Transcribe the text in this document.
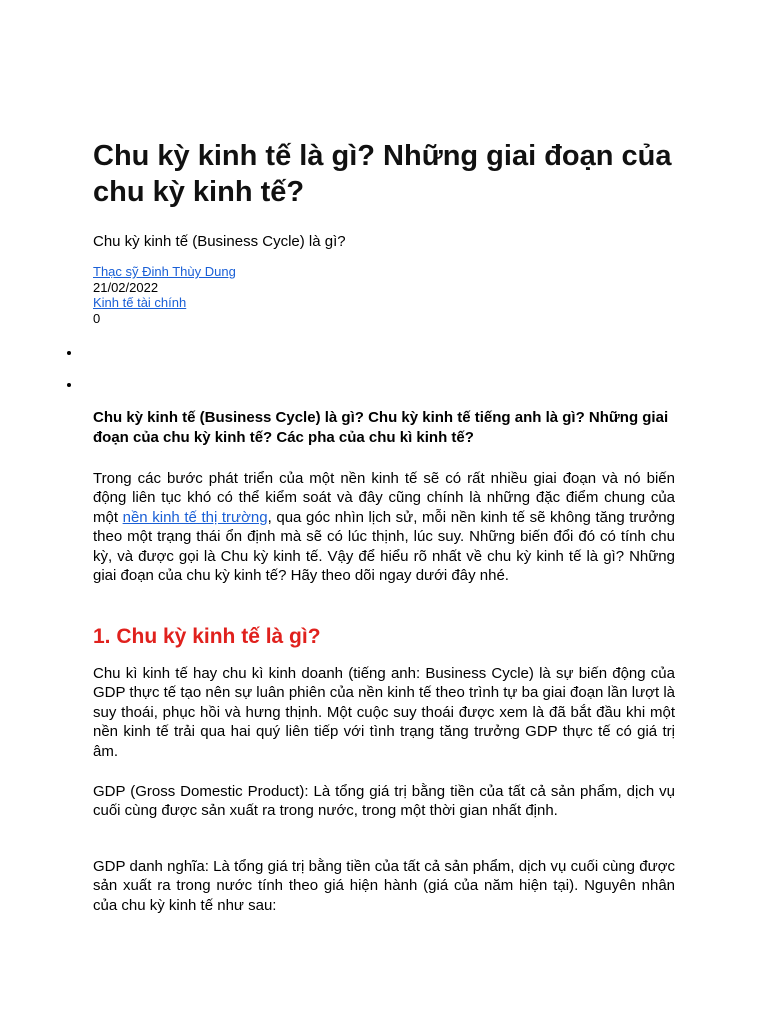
Chu kỳ kinh tế là gì? Những giai đoạn của chu kỳ kinh tế?

Chu kỳ kinh tế (Business Cycle) là gì?

Thạc sỹ Đinh Thùy Dung
21/02/2022
Kinh tế tài chính
0

Chu kỳ kinh tế (Business Cycle) là gì? Chu kỳ kinh tế tiếng anh là gì? Những giai đoạn của chu kỳ kinh tế? Các pha của chu kì kinh tế?

Trong các bước phát triển của một nền kinh tế sẽ có rất nhiều giai đoạn và nó biến động liên tục khó có thể kiểm soát và đây cũng chính là những đặc điểm chung của một nền kinh tế thị trường, qua góc nhìn lịch sử, mỗi nền kinh tế sẽ không tăng trưởng theo một trạng thái ổn định mà sẽ có lúc thịnh, lúc suy. Những biến đổi đó có tính chu kỳ, và được gọi là Chu kỳ kinh tế. Vậy để hiểu rõ nhất về chu kỳ kinh tế là gì? Những giai đoạn của chu kỳ kinh tế? Hãy theo dõi ngay dưới đây nhé.

1. Chu kỳ kinh tế là gì?

Chu kì kinh tế hay chu kì kinh doanh (tiếng anh: Business Cycle) là sự biến động của GDP thực tế tạo nên sự luân phiên của nền kinh tế theo trình tự ba giai đoạn lần lượt là suy thoái, phục hồi và hưng thịnh. Một cuộc suy thoái được xem là đã bắt đầu khi một nền kinh tế trải qua hai quý liên tiếp với tình trạng tăng trưởng GDP thực tế có giá trị âm.

GDP (Gross Domestic Product): Là tổng giá trị bằng tiền của tất cả sản phẩm, dịch vụ cuối cùng được sản xuất ra trong nước, trong một thời gian nhất định.

GDP danh nghĩa: Là tổng giá trị bằng tiền của tất cả sản phẩm, dịch vụ cuối cùng được sản xuất ra trong nước tính theo giá hiện hành (giá của năm hiện tại). Nguyên nhân của chu kỳ kinh tế như sau:
